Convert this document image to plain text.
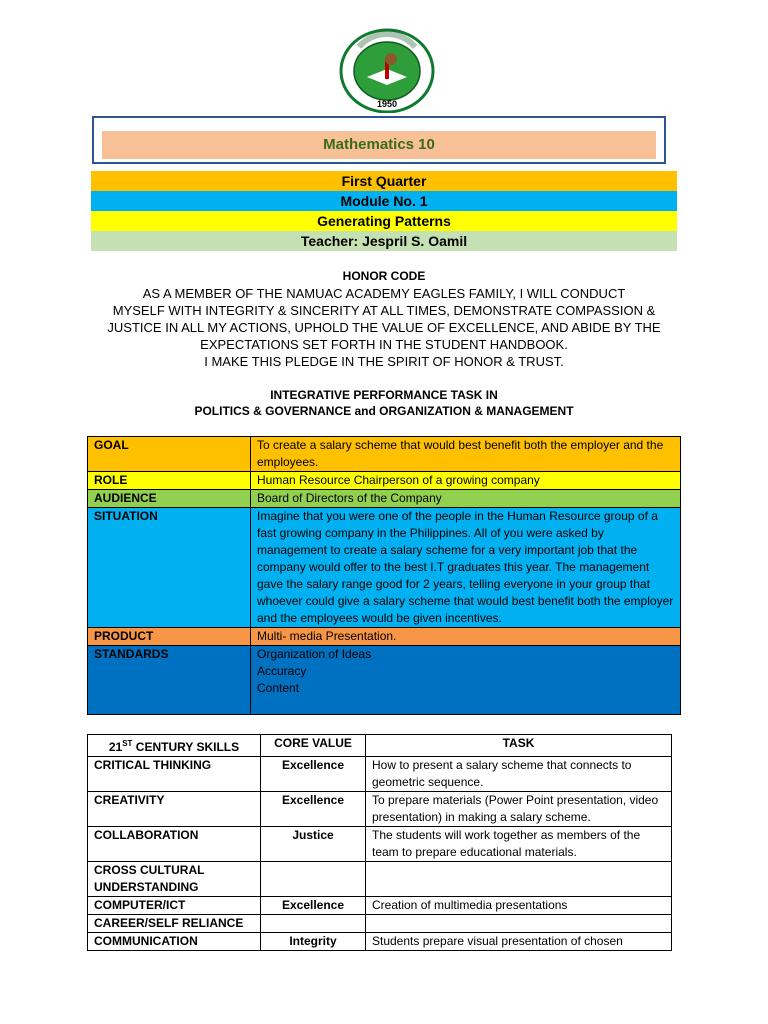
1950
Mathematics 10
First Quarter
Module No. 1
Generating Patterns
Teacher: Jespril S. Oamil
HONOR CODE
AS A MEMBER OF THE NAMUAC ACADEMY EAGLES FAMILY, I WILL CONDUCT
MYSELF WITH INTEGRITY & SINCERITY AT ALL TIMES, DEMONSTRATE COMPASSION &
JUSTICE IN ALL MY ACTIONS, UPHOLD THE VALUE OF EXCELLENCE, AND ABIDE BY THE
EXPECTATIONS SET FORTH IN THE STUDENT HANDBOOK.
I MAKE THIS PLEDGE IN THE SPIRIT OF HONOR & TRUST.
INTEGRATIVE PERFORMANCE TASK IN
POLITICS & GOVERNANCE and ORGANIZATION & MANAGEMENT
GOAL	To create a salary scheme that would best benefit both the employer and the employees.
ROLE	Human Resource Chairperson of a growing company
AUDIENCE	Board of Directors of the Company
SITUATION	Imagine that you were one of the people in the Human Resource group of a fast growing company in the Philippines. All of you were asked by management to create a salary scheme for a very important job that the company would offer to the best I.T graduates this year. The management gave the salary range good for 2 years, telling everyone in your group that whoever could give a salary scheme that would best benefit both the employer and the employees would be given incentives.
PRODUCT	Multi- media Presentation.
STANDARDS	Organization of Ideas
Accuracy
Content
21ST CENTURY SKILLS	CORE VALUE	TASK
CRITICAL THINKING	Excellence	How to present a salary scheme that connects to geometric sequence.
CREATIVITY	Excellence	To prepare materials (Power Point presentation, video presentation) in making a salary scheme.
COLLABORATION	Justice	The students will work together as members of the team to prepare educational materials.
CROSS CULTURAL UNDERSTANDING		
COMPUTER/ICT	Excellence	Creation of multimedia presentations
CAREER/SELF RELIANCE		
COMMUNICATION	Integrity	Students prepare visual presentation of chosen
